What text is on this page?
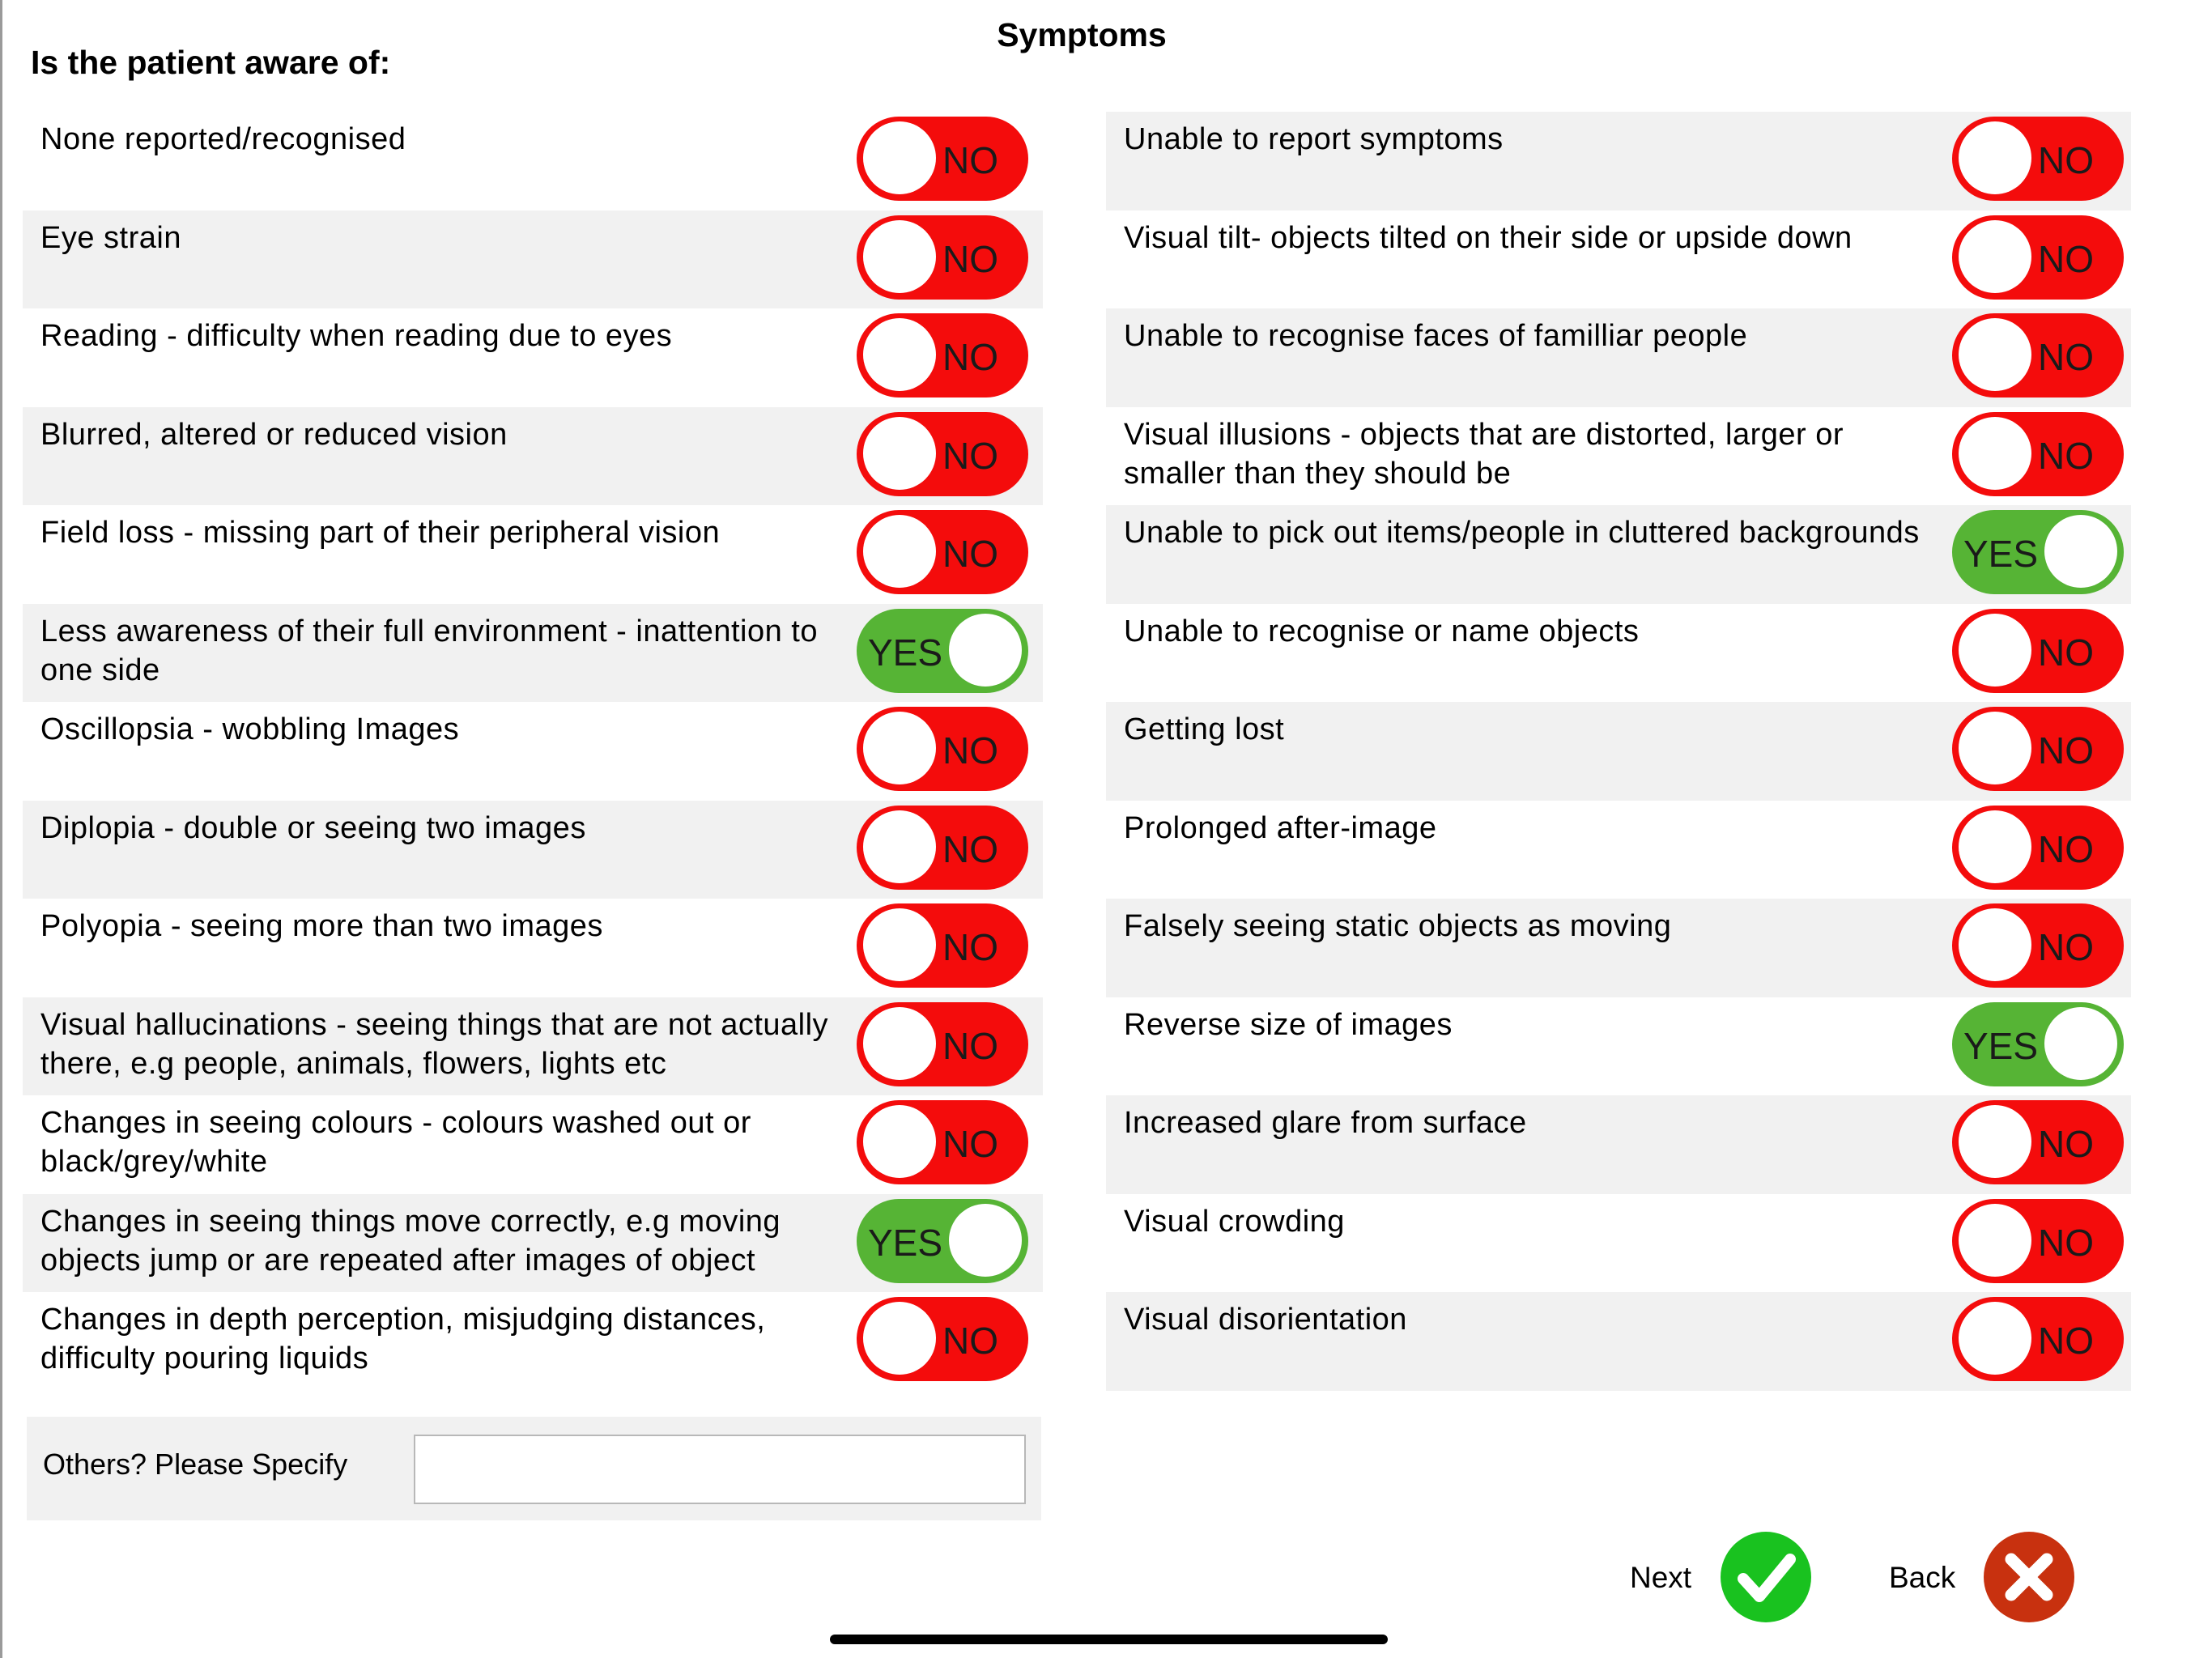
Symptoms
Is the patient aware of:
None reported/recognised	NO
Eye strain	NO
Reading - difficulty when reading due to eyes	NO
Blurred, altered or reduced vision	NO
Field loss - missing part of their peripheral vision	NO
Less awareness of their full environment - inattention to one side	YES
Oscillopsia - wobbling Images	NO
Diplopia - double or seeing two images	NO
Polyopia - seeing more than two images	NO
Visual hallucinations - seeing things that are not actually there, e.g people, animals, flowers, lights etc	NO
Changes in seeing colours - colours washed out or black/grey/white	NO
Changes in seeing things move correctly, e.g moving objects jump or are repeated after images of object	YES
Changes in depth perception, misjudging distances, difficulty pouring liquids	NO
Unable to report symptoms	NO
Visual tilt- objects tilted on their side or upside down	NO
Unable to recognise faces of familliar people	NO
Visual illusions - objects that are distorted, larger or smaller than they should be	NO
Unable to pick out items/people in cluttered backgrounds	YES
Unable to recognise or name objects	NO
Getting lost	NO
Prolonged after-image	NO
Falsely seeing static objects as moving	NO
Reverse size of images	YES
Increased glare from surface	NO
Visual crowding	NO
Visual disorientation	NO
Others? Please Specify
Next	Back
